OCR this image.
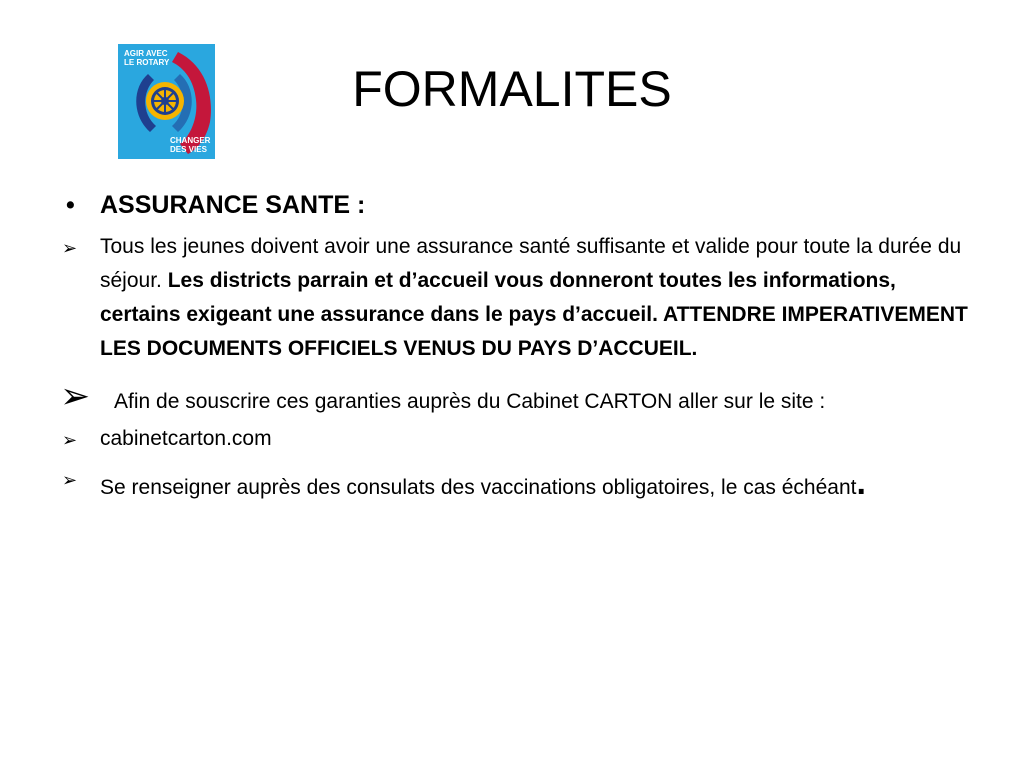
AGIR AVEC
LE ROTARY
CHANGER
DES VIES
FORMALITES
• ASSURANCE SANTE :
➢ Tous les jeunes doivent avoir une assurance santé suffisante et valide pour toute la durée du séjour. Les districts parrain et d’accueil vous donneront toutes les informations, certains exigeant une assurance dans le pays d’accueil. ATTENDRE IMPERATIVEMENT LES DOCUMENTS OFFICIELS VENUS DU PAYS D’ACCUEIL.
➢ Afin de souscrire ces garanties auprès du Cabinet CARTON aller sur le site :
➢ cabinetcarton.com
➢ Se renseigner auprès des consulats des vaccinations obligatoires, le cas échéant.
